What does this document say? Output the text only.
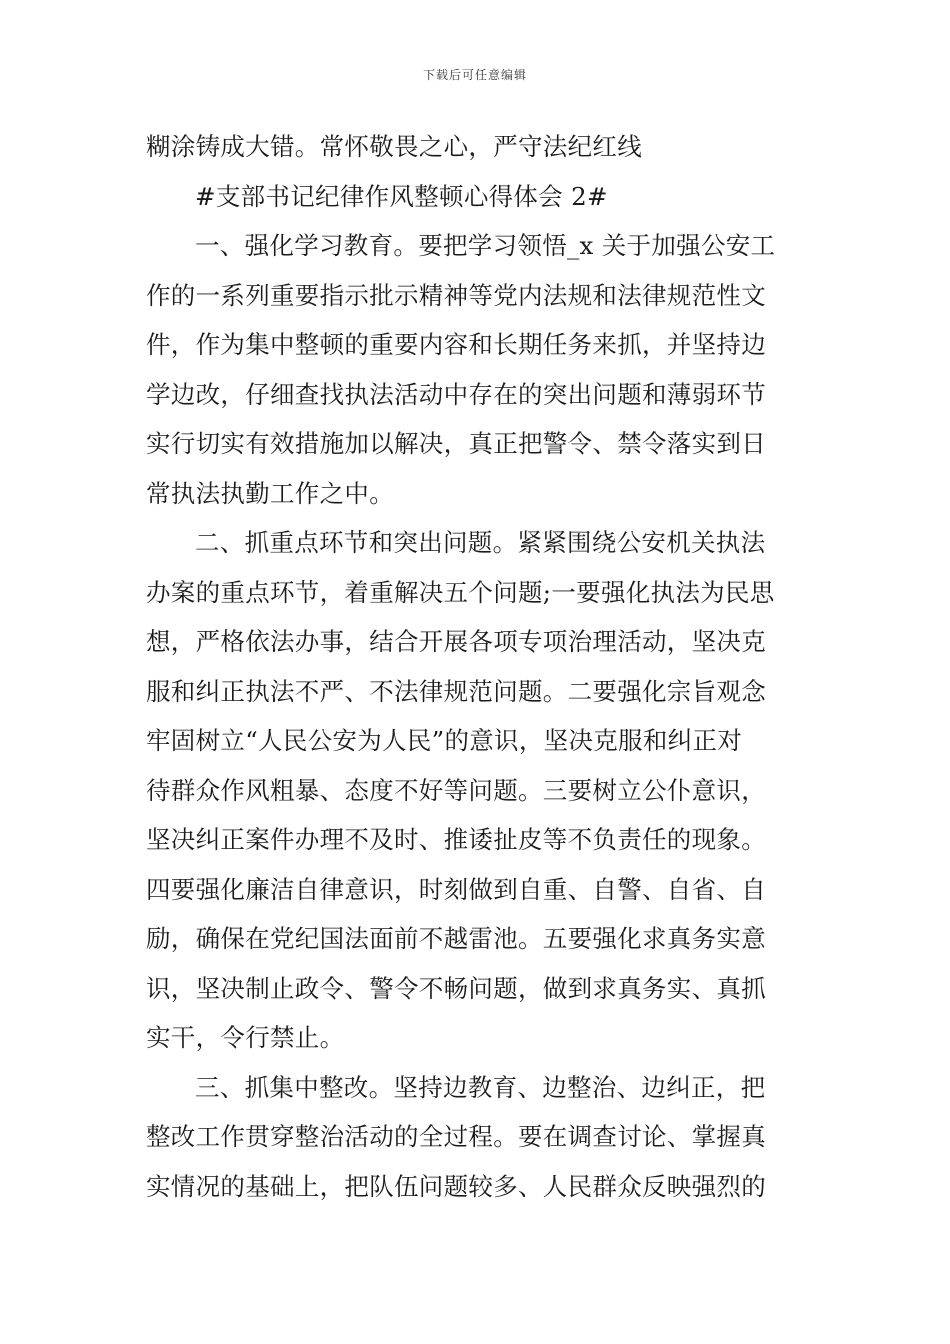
下载后可任意编辑
糊涂铸成大错。常怀敬畏之心，严守法纪红线
#支部书记纪律作风整顿心得体会 2#
一、强化学习教育。要把学习领悟_x 关于加强公安工
作的一系列重要指示批示精神等党内法规和法律规范性文
件，作为集中整顿的重要内容和长期任务来抓，并坚持边
学边改，仔细查找执法活动中存在的突出问题和薄弱环节
实行切实有效措施加以解决，真正把警令、禁令落实到日
常执法执勤工作之中。
二、抓重点环节和突出问题。紧紧围绕公安机关执法
办案的重点环节，着重解决五个问题;一要强化执法为民思
想，严格依法办事，结合开展各项专项治理活动，坚决克
服和纠正执法不严、不法律规范问题。二要强化宗旨观念
牢固树立“人民公安为人民”的意识，坚决克服和纠正对
待群众作风粗暴、态度不好等问题。三要树立公仆意识，
坚决纠正案件办理不及时、推诿扯皮等不负责任的现象。
四要强化廉洁自律意识，时刻做到自重、自警、自省、自
励，确保在党纪国法面前不越雷池。五要强化求真务实意
识，坚决制止政令、警令不畅问题，做到求真务实、真抓
实干，令行禁止。
三、抓集中整改。坚持边教育、边整治、边纠正，把
整改工作贯穿整治活动的全过程。要在调查讨论、掌握真
实情况的基础上，把队伍问题较多、人民群众反映强烈的
